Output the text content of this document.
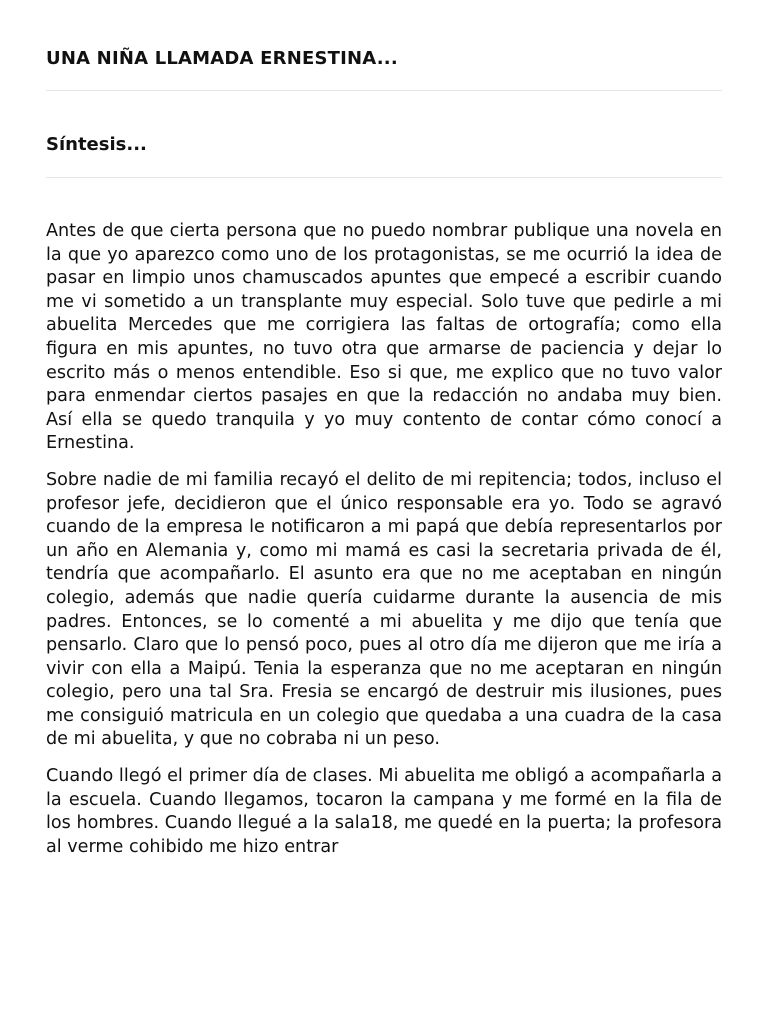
UNA NIÑA LLAMADA ERNESTINA...
Síntesis...

Antes de que cierta persona que no puedo nombrar publique una novela en la que yo aparezco como uno de los protagonistas, se me ocurrió la idea de pasar en limpio unos chamuscados apuntes que empecé a escribir cuando me vi sometido a un transplante muy especial. Solo tuve que pedirle a mi abuelita Mercedes que me corrigiera las faltas de ortografía; como ella figura en mis apuntes, no tuvo otra que armarse de paciencia y dejar lo escrito más o menos entendible. Eso si que, me explico que no tuvo valor para enmendar ciertos pasajes en que la redacción no andaba muy bien. Así ella se quedo tranquila y yo muy contento de contar cómo conocí a Ernestina.

Sobre nadie de mi familia recayó el delito de mi repitencia; todos, incluso el profesor jefe, decidieron que el único responsable era yo. Todo se agravó cuando de la empresa le notificaron a mi papá que debía representarlos por un año en Alemania y, como mi mamá es casi la secretaria privada de él, tendría que acompañarlo. El asunto era que no me aceptaban en ningún colegio, además que nadie quería cuidarme durante la ausencia de mis padres. Entonces, se lo comenté a mi abuelita y me dijo que tenía que pensarlo. Claro que lo pensó poco, pues al otro día me dijeron que me iría a vivir con ella a Maipú. Tenia la esperanza que no me aceptaran en ningún colegio, pero una tal Sra. Fresia se encargó de destruir mis ilusiones, pues me consiguió matricula en un colegio que quedaba a una cuadra de la casa de mi abuelita, y que no cobraba ni un peso.

Cuando llegó el primer día de clases. Mi abuelita me obligó a acompañarla a la escuela. Cuando llegamos, tocaron la campana y me formé en la fila de los hombres. Cuando llegué a la sala18, me quedé en la puerta; la profesora al verme cohibido me hizo entrar
